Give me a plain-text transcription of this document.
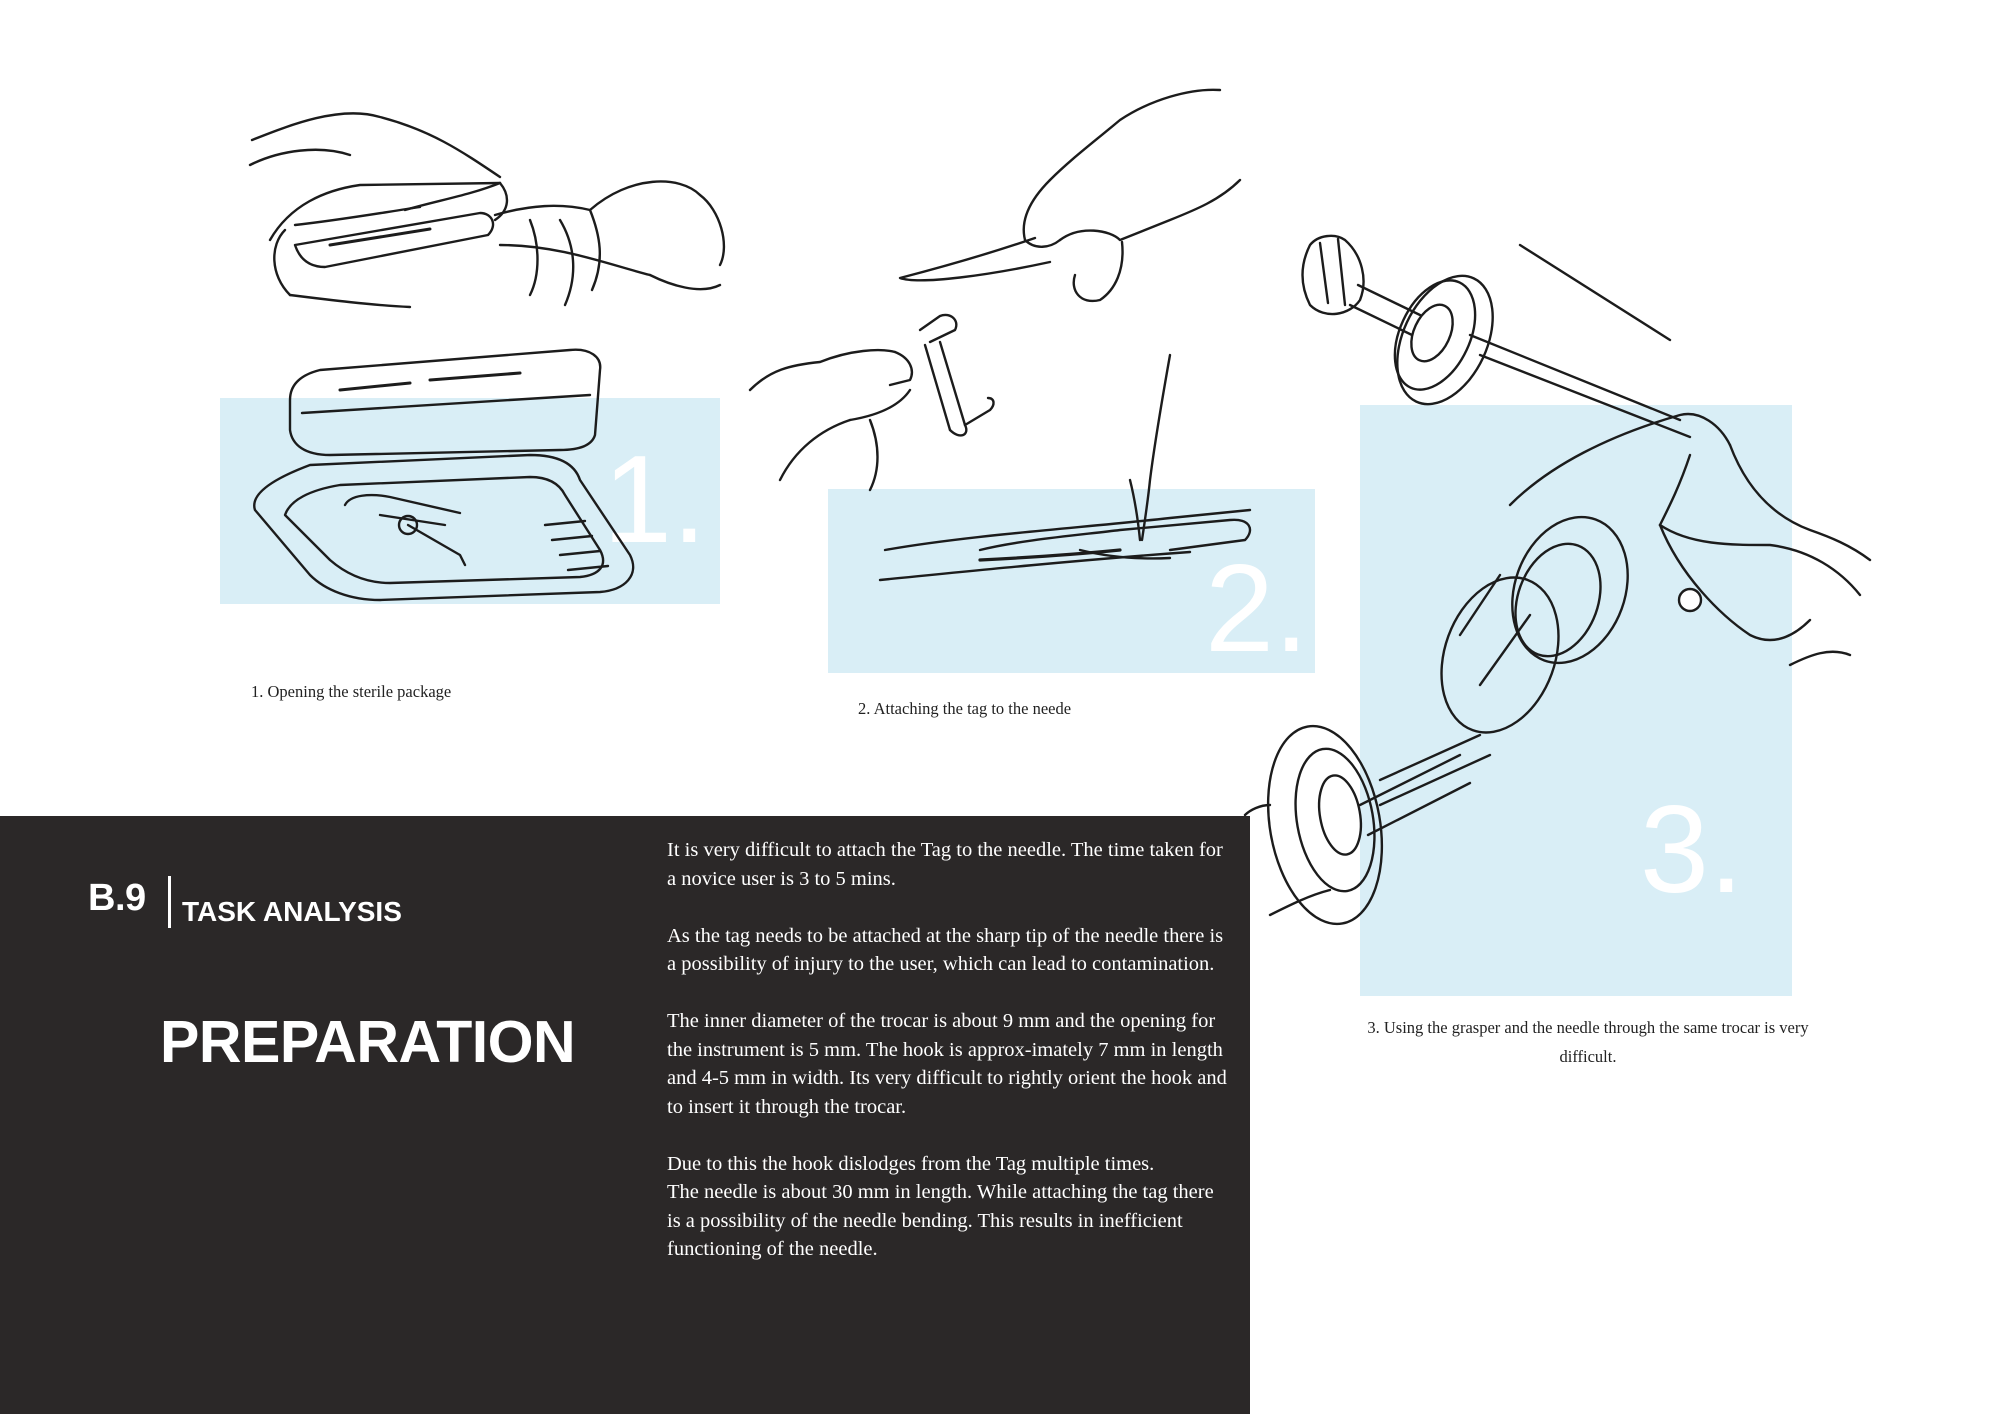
1.
1. Opening the sterile package
2.
2. Attaching the tag to the neede
3.
3. Using the grasper and the needle through the same trocar is very
difficult.
B.9 TASK ANALYSIS
PREPARATION

It is very difficult to attach the Tag to the needle. The time taken for a novice user is 3 to 5 mins.

As the tag needs to be attached at the sharp tip of the needle there is a possibility of injury to the user, which can lead to contamination.

The inner diameter of the trocar is about 9 mm and the opening for the instrument is 5 mm. The hook is approx-imately 7 mm in length and 4-5 mm in width. Its very difficult to rightly orient the hook and to insert it through the trocar.

Due to this the hook dislodges from the Tag multiple times.

The needle is about 30 mm in length. While attaching the tag there is a possibility of the needle bending. This results in inefficient functioning of the needle.
